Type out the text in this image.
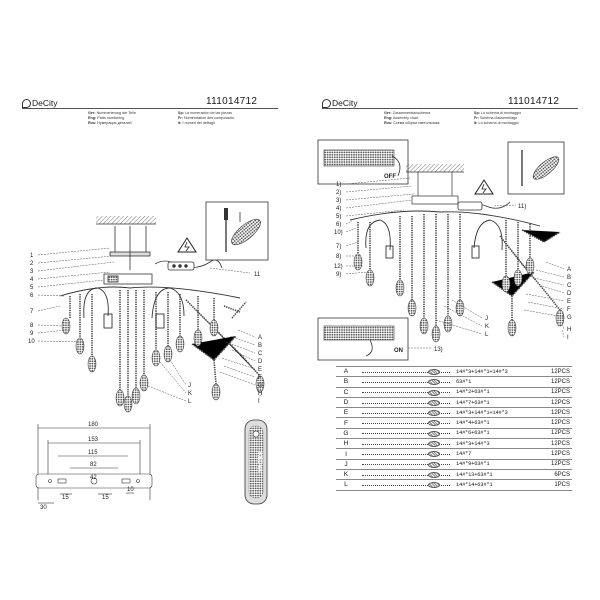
DeCity	111014712
Ger: Nummerierung der Teile	Sp: La numeración de las piezas
Eng: Parts numbering	Fr: Numérotation des composants
Rus: Нумерация деталей	It: I numeri dei dettagli
DeCity	111014712
Ger: Zusammenbauschema	Sp: Lo schema di montaggio
Eng: Assembly chart	Fr: Schéma d'assemblage
Rus: Схема сборки светильника	It: Lo schema di montaggio
1
2
3
4
5
6
7
8
9
10
11
A
B
C
D
E
F
G
H
I
J
K
L
180
153
115
82
42
30
15	15
10
KEDYA
OFF
1)
2)
3)
4)
5)
6)
10)
7)
8)
12)
9)
11)
A
B
C
D
E
F
G
H
I
J
K
L
ON	13)
A		14#*3+14#*1+14#*3	12PCS
B		63#*1	12PCS
C		14#*2+63#*1	12PCS
D		14#*7+63#*1	12PCS
E		14#*3+14#*1+14#*3	12PCS
F		14#*4+63#*1	12PCS
G		14#*6+63#*1	12PCS
H		14#*3+14#*3	12PCS
I		14#*7	12PCS
J		14#*9+63#*1	12PCS
K		14#*13+63#*1	6PCS
L		14#*14+63#*1	1PCS
